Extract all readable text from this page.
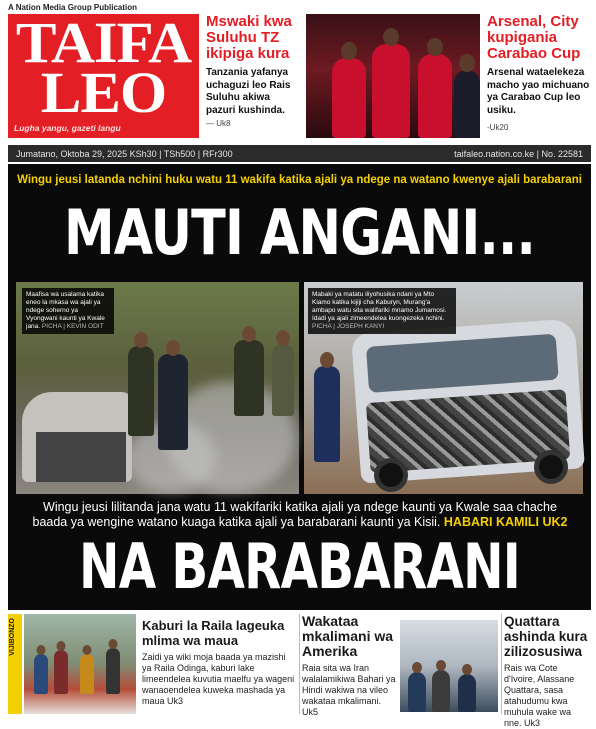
A Nation Media Group Publication
TAIFA
LEO
Lugha yangu, gazeti langu
Mswaki kwa Suluhu TZ ikipiga kura
Tanzania yafanya uchaguzi leo Rais Suluhu akiwa pazuri kushinda.
— Uk8
Arsenal, City kupigania Carabao Cup
Arsenal wataelekeza macho yao michuano ya Carabao Cup leo usiku.
-Uk20
Jumatano, Oktoba 29, 2025 KSh30 | TSh500 | RFr300	taifaleo.nation.co.ke | No. 22581
Wingu jeusi latanda nchini huku watu 11 wakifa katika ajali ya ndege na watano kwenye ajali barabarani
MAUTI ANGANI...
Maafisa wa usalama katika eneo la mkasa wa ajali ya ndege soherno ya Vyongwani kaunti ya Kwale jana. PICHA | KEVIN ODIT
Mabaki ya matatu iliyohusika ndani ya Mto Kiamo katika kijiji cha Kaburyn, Murang'a ambapo watu sita walifariki mnamo Jumamosi. Idadi ya ajali zimeendelea kuongezeka nchini. PICHA | JOSEPH KANYI
Wingu jeusi lilitanda jana watu 11 wakifariki katika ajali ya ndege kaunti ya Kwale saa chache baada ya wengine watano kuaga katika ajali ya barabarani kaunti ya Kisii. HABARI KAMILI UK2
NA BARABARANI
VIJIBONZO	Kaburi la Raila lageuka mlima wa maua
Zaidi ya wiki moja baada ya mazishi ya Raila Odinga, kaburi lake limeendelea kuvutia maelfu ya wageni wanaoendelea kuweka mashada ya maua Uk3
Wakataa mkalimani wa Amerika
Raia sita wa Iran walalamikiwa Bahari ya Hindi wakiwa na vileo wakataa mkalimani. Uk5
Quattara ashinda kura zilizosusiwa
Rais wa Cote d'Ivoire, Alassane Quattara, sasa atahudumu kwa muhula wake wa nne. Uk3
